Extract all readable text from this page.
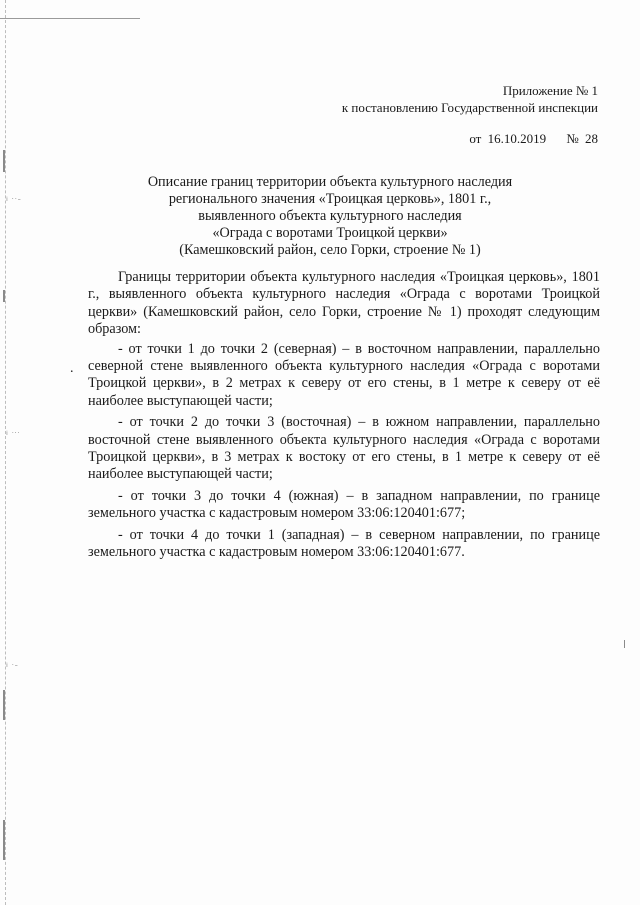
⁞ ˑ·–
⁞ ·ˑ·
⁞ ·–
Приложение № 1
к постановлению Государственной инспекции
от 16.10.2019 № 28
Описание границ территории объекта культурного наследия
регионального значения «Троицкая церковь», 1801 г.,
выявленного объекта культурного наследия
«Ограда с воротами Троицкой церкви»
(Камешковский район, село Горки, строение № 1)
.

Границы территории объекта культурного наследия «Троицкая церковь», 1801 г., выявленного объекта культурного наследия «Ограда с воротами Троицкой церкви» (Камешковский район, село Горки, строение № 1) проходят следующим образом:

- от точки 1 до точки 2 (северная) – в восточном направлении, параллельно северной стене выявленного объекта культурного наследия «Ограда с воротами Троицкой церкви», в 2 метрах к северу от его стены, в 1 метре к северу от её наиболее выступающей части;

- от точки 2 до точки 3 (восточная) – в южном направлении, параллельно восточной стене выявленного объекта культурного наследия «Ограда с воротами Троицкой церкви», в 3 метрах к востоку от его стены, в 1 метре к северу от её наиболее выступающей части;

- от точки 3 до точки 4 (южная) – в западном направлении, по границе земельного участка с кадастровым номером 33:06:120401:677;

- от точки 4 до точки 1 (западная) – в северном направлении, по границе земельного участка с кадастровым номером 33:06:120401:677.
